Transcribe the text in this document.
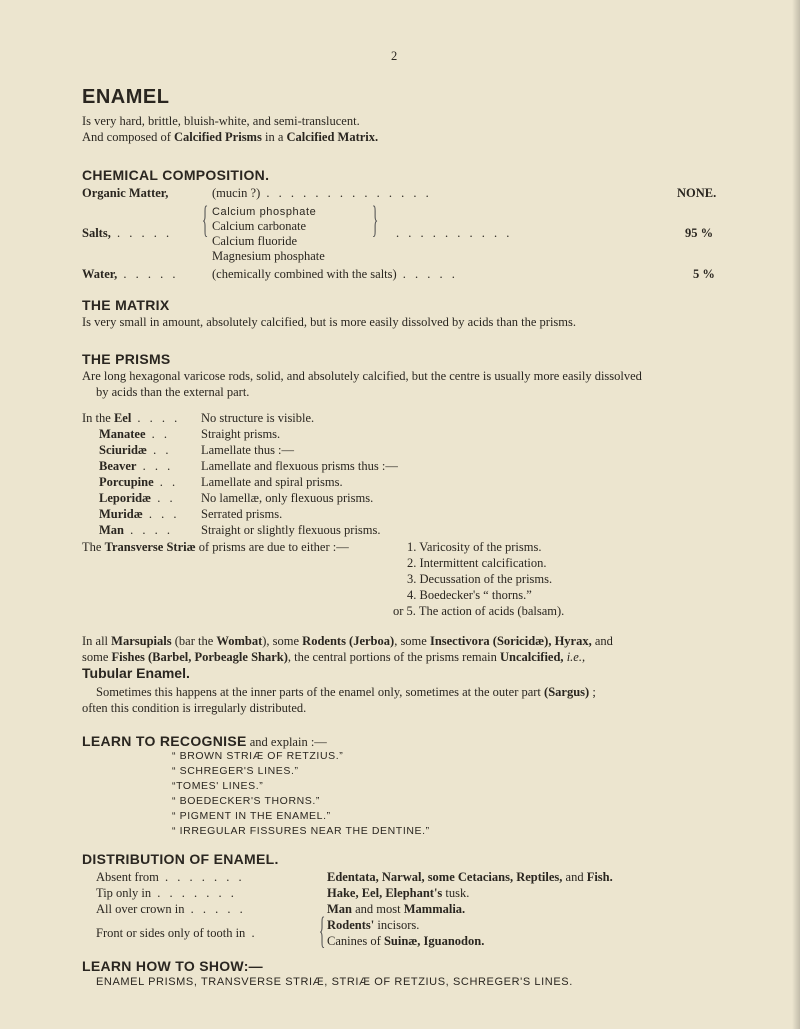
2
ENAMEL
Is very hard, brittle, bluish-white, and semi-translucent.
And composed of Calcified Prisms in a Calcified Matrix.
CHEMICAL COMPOSITION.
Organic Matter,	(mucin ?) . . . . . . . . . . . . . .	NONE.
Salts, . . . . . { Calcium phosphate
Calcium carbonate
Calcium fluoride
Magnesium phosphate
} . . . . . . . . . .	95 %
Water, . . . . .	(chemically combined with the salts) . . . . .	5 %
THE MATRIX
Is very small in amount, absolutely calcified, but is more easily dissolved by acids than the prisms.
THE PRISMS
Are long hexagonal varicose rods, solid, and absolutely calcified, but the centre is usually more easily dissolved
by acids than the external part.
In the Eel . . . . No structure is visible.
Manatee . . Straight prisms.
Sciuridæ . . Lamellate thus :—
Beaver . . . Lamellate and flexuous prisms thus :—
Porcupine . . Lamellate and spiral prisms.
Leporidæ . . No lamellæ, only flexuous prisms.
Muridæ . . . Serrated prisms.
Man . . . . Straight or slightly flexuous prisms.
The Transverse Striæ of prisms are due to either :—	1. Varicosity of the prisms.
2. Intermittent calcification.
3. Decussation of the prisms.
4. Boedecker's “ thorns.”
or 5. The action of acids (balsam).
In all Marsupials (bar the Wombat), some Rodents (Jerboa), some Insectivora (Soricidæ), Hyrax, and
some Fishes (Barbel, Porbeagle Shark), the central portions of the prisms remain Uncalcified, i.e.,
Tubular Enamel.
Sometimes this happens at the inner parts of the enamel only, sometimes at the outer part (Sargus) ;
often this condition is irregularly distributed.
LEARN TO RECOGNISE and explain :—
“ BROWN STRIÆ OF RETZIUS.”
“ SCHREGER'S LINES.”
“TOMES' LINES.”
“ BOEDECKER'S THORNS.”
“ PIGMENT IN THE ENAMEL.”
“ IRREGULAR FISSURES NEAR THE DENTINE.”
DISTRIBUTION OF ENAMEL.
Absent from . . . . . . .	Edentata, Narwal, some Cetacians, Reptiles, and Fish.
Tip only in . . . . . . .	Hake, Eel, Elephant's tusk.
All over crown in . . . . .	Man and most Mammalia.
Front or sides only of tooth in . { Rodents' incisors.
Canines of Suinæ, Iguanodon.
LEARN HOW TO SHOW:—
ENAMEL PRISMS, TRANSVERSE STRIÆ, STRIÆ OF RETZIUS, SCHREGER'S LINES.
